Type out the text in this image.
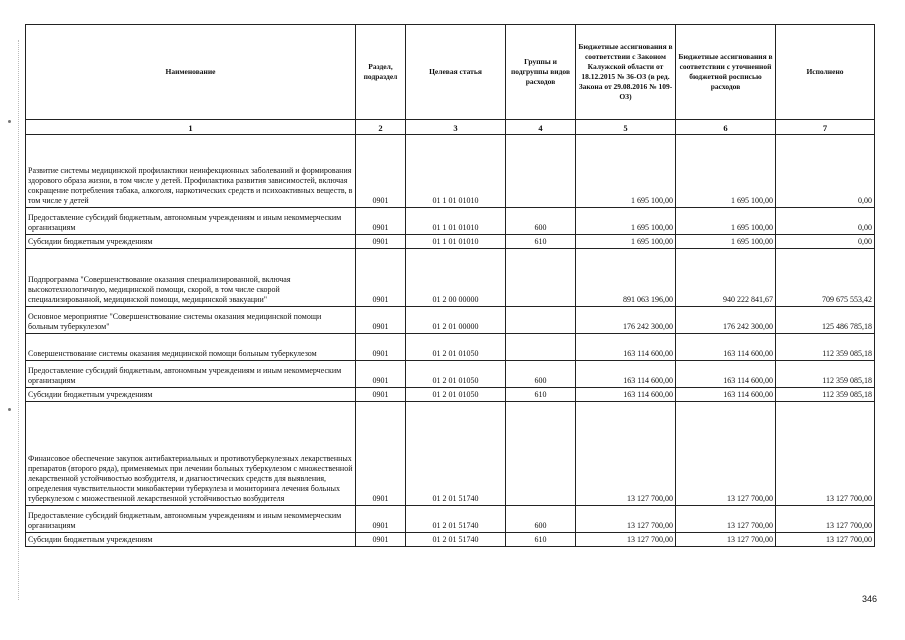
Наименование	Раздел, подраздел	Целевая статья	Группы и подгруппы видов расходов	Бюджетные ассигнования в соответствии с Законом Калужской области от 18.12.2015 № 36-ОЗ (в ред. Закона от 29.08.2016 № 109-ОЗ)	Бюджетные ассигнования в соответствии с уточненной бюджетной росписью расходов	Исполнено
1	2	3	4	5	6	7
Развитие системы медицинской профилактики неинфекционных заболеваний и формирования здорового образа жизни, в том числе у детей. Профилактика развития зависимостей, включая сокращение потребления табака, алкоголя, наркотических средств и психоактивных веществ, в том числе у детей	0901	01 1 01 01010		1 695 100,00	1 695 100,00	0,00
Предоставление субсидий бюджетным, автономным учреждениям и иным некоммерческим организациям	0901	01 1 01 01010	600	1 695 100,00	1 695 100,00	0,00
Субсидии бюджетным учреждениям	0901	01 1 01 01010	610	1 695 100,00	1 695 100,00	0,00
Подпрограмма "Совершенствование оказания специализированной, включая высокотехнологичную, медицинской помощи, скорой, в том числе скорой специализированной, медицинской помощи, медицинской эвакуации"	0901	01 2 00 00000		891 063 196,00	940 222 841,67	709 675 553,42
Основное мероприятие "Совершенствование системы оказания медицинской помощи больным туберкулезом"	0901	01 2 01 00000		176 242 300,00	176 242 300,00	125 486 785,18
Совершенствование системы оказания медицинской помощи больным туберкулезом	0901	01 2 01 01050		163 114 600,00	163 114 600,00	112 359 085,18
Предоставление субсидий бюджетным, автономным учреждениям и иным некоммерческим организациям	0901	01 2 01 01050	600	163 114 600,00	163 114 600,00	112 359 085,18
Субсидии бюджетным учреждениям	0901	01 2 01 01050	610	163 114 600,00	163 114 600,00	112 359 085,18
Финансовое обеспечение закупок антибактериальных и противотуберкулезных лекарственных препаратов (второго ряда), применяемых при лечении больных туберкулезом с множественной лекарственной устойчивостью возбудителя, и диагностических средств для выявления, определения чувствительности микобактерии туберкулеза и мониторинга лечения больных туберкулезом с множественной лекарственной устойчивостью возбудителя	0901	01 2 01 51740		13 127 700,00	13 127 700,00	13 127 700,00
Предоставление субсидий бюджетным, автономным учреждениям и иным некоммерческим организациям	0901	01 2 01 51740	600	13 127 700,00	13 127 700,00	13 127 700,00
Субсидии бюджетным учреждениям	0901	01 2 01 51740	610	13 127 700,00	13 127 700,00	13 127 700,00
346
